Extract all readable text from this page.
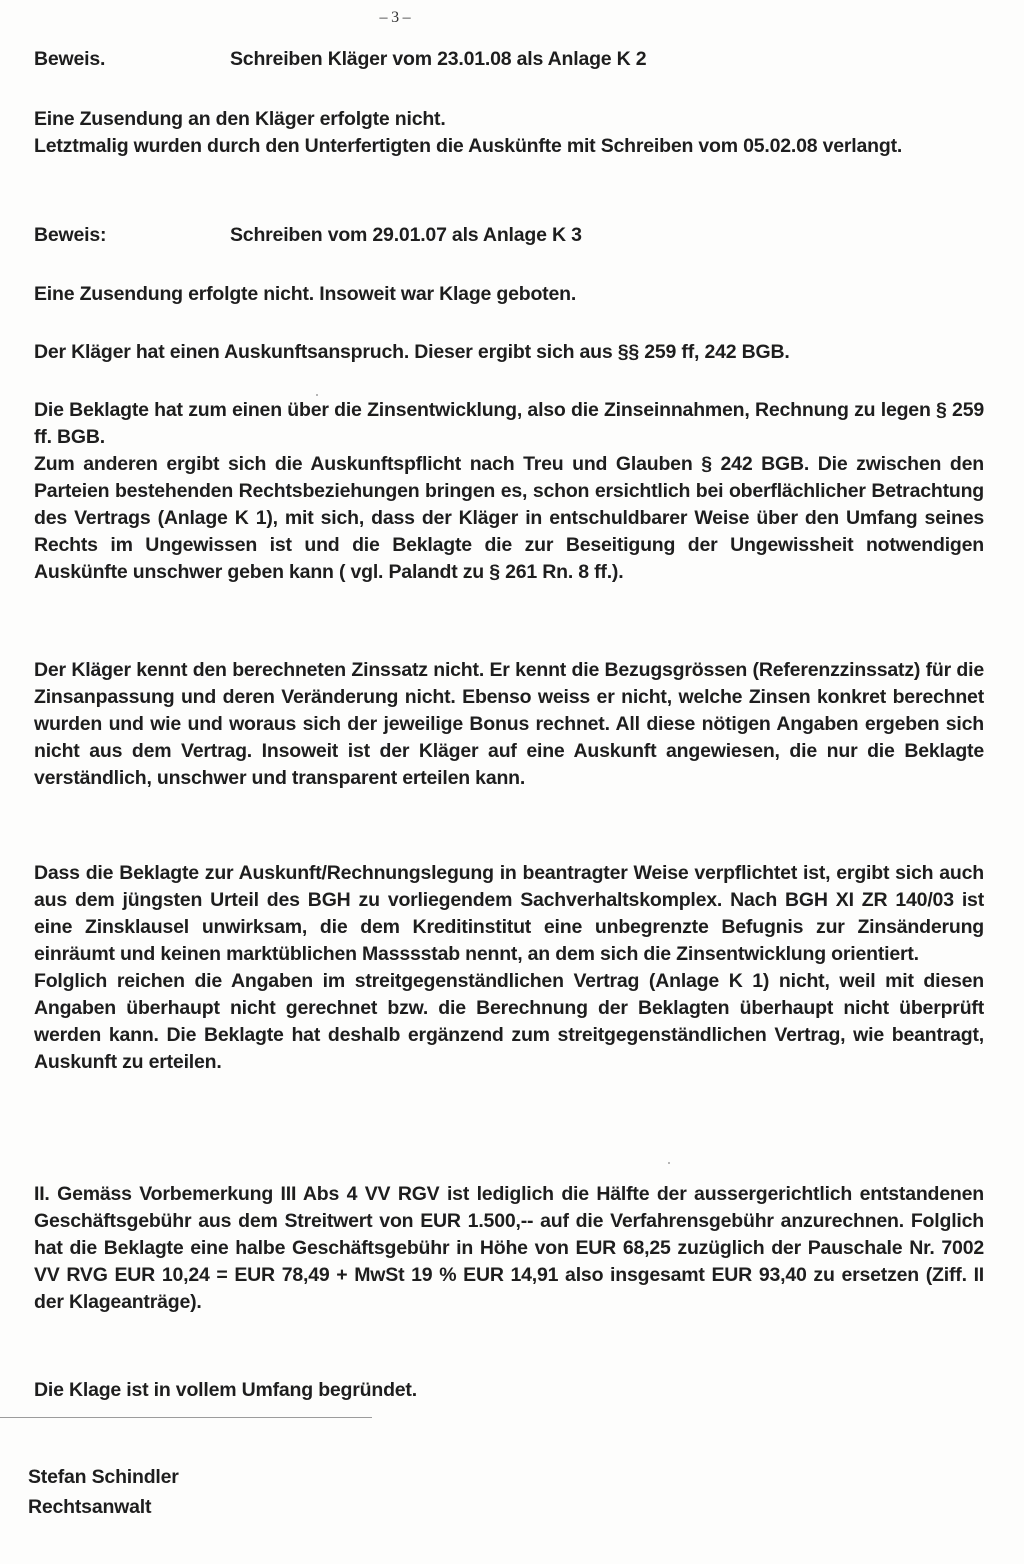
– 3 –
Beweis.	Schreiben Kläger vom 23.01.08 als Anlage K 2

Eine Zusendung an den Kläger erfolgte nicht.

Letztmalig wurden durch den Unterfertigten die Auskünfte mit Schreiben vom 05.02.08 verlangt.

Beweis:	Schreiben vom 29.01.07 als Anlage K 3

Eine Zusendung erfolgte nicht. Insoweit war Klage geboten.

Der Kläger hat einen Auskunftsanspruch. Dieser ergibt sich aus §§ 259 ff, 242 BGB.

Die Beklagte hat zum einen über die Zinsentwicklung, also die Zinseinnahmen, Rechnung zu legen § 259 ff. BGB.

Zum anderen ergibt sich die Auskunftspflicht nach Treu und Glauben § 242 BGB. Die zwischen den Parteien bestehenden Rechtsbeziehungen bringen es, schon ersichtlich bei oberflächlicher Betrachtung des Vertrags (Anlage K 1), mit sich, dass der Kläger in entschuldbarer Weise über den Umfang seines Rechts im Ungewissen ist und die Beklagte die zur Beseitigung der Ungewissheit notwendigen Auskünfte unschwer geben kann ( vgl. Palandt zu § 261 Rn. 8 ff.).

Der Kläger kennt den berechneten Zinssatz nicht. Er kennt die Bezugsgrössen (Referenzzinssatz) für die Zinsanpassung und deren Veränderung nicht. Ebenso weiss er nicht, welche Zinsen konkret berechnet wurden und wie und woraus sich der jeweilige Bonus rechnet. All diese nötigen Angaben ergeben sich nicht aus dem Vertrag. Insoweit ist der Kläger auf eine Auskunft angewiesen, die nur die Beklagte verständlich, unschwer und transparent erteilen kann.

Dass die Beklagte zur Auskunft/Rechnungslegung in beantragter Weise verpflichtet ist, ergibt sich auch aus dem jüngsten Urteil des BGH zu vorliegendem Sachverhaltskomplex. Nach BGH XI ZR 140/03 ist eine Zinsklausel unwirksam, die dem Kreditinstitut eine unbegrenzte Befugnis zur Zinsänderung einräumt und keinen marktüblichen Masssstab nennt, an dem sich die Zinsentwicklung orientiert.

Folglich reichen die Angaben im streitgegenständlichen Vertrag (Anlage K 1) nicht, weil mit diesen Angaben überhaupt nicht gerechnet bzw. die Berechnung der Beklagten überhaupt nicht überprüft werden kann. Die Beklagte hat deshalb ergänzend zum streitgegenständlichen Vertrag, wie beantragt, Auskunft zu erteilen.

II. Gemäss Vorbemerkung III Abs 4 VV RGV ist lediglich die Hälfte der aussergerichtlich entstandenen Geschäftsgebühr aus dem Streitwert von EUR 1.500,-- auf die Verfahrensgebühr anzurechnen. Folglich hat die Beklagte eine halbe Geschäftsgebühr in Höhe von EUR 68,25 zuzüglich der Pauschale Nr. 7002 VV RVG EUR 10,24 = EUR 78,49 + MwSt 19 % EUR 14,91 also insgesamt EUR 93,40 zu ersetzen (Ziff. II der Klageanträge).

Die Klage ist in vollem Umfang begründet.

Stefan Schindler
Rechtsanwalt
